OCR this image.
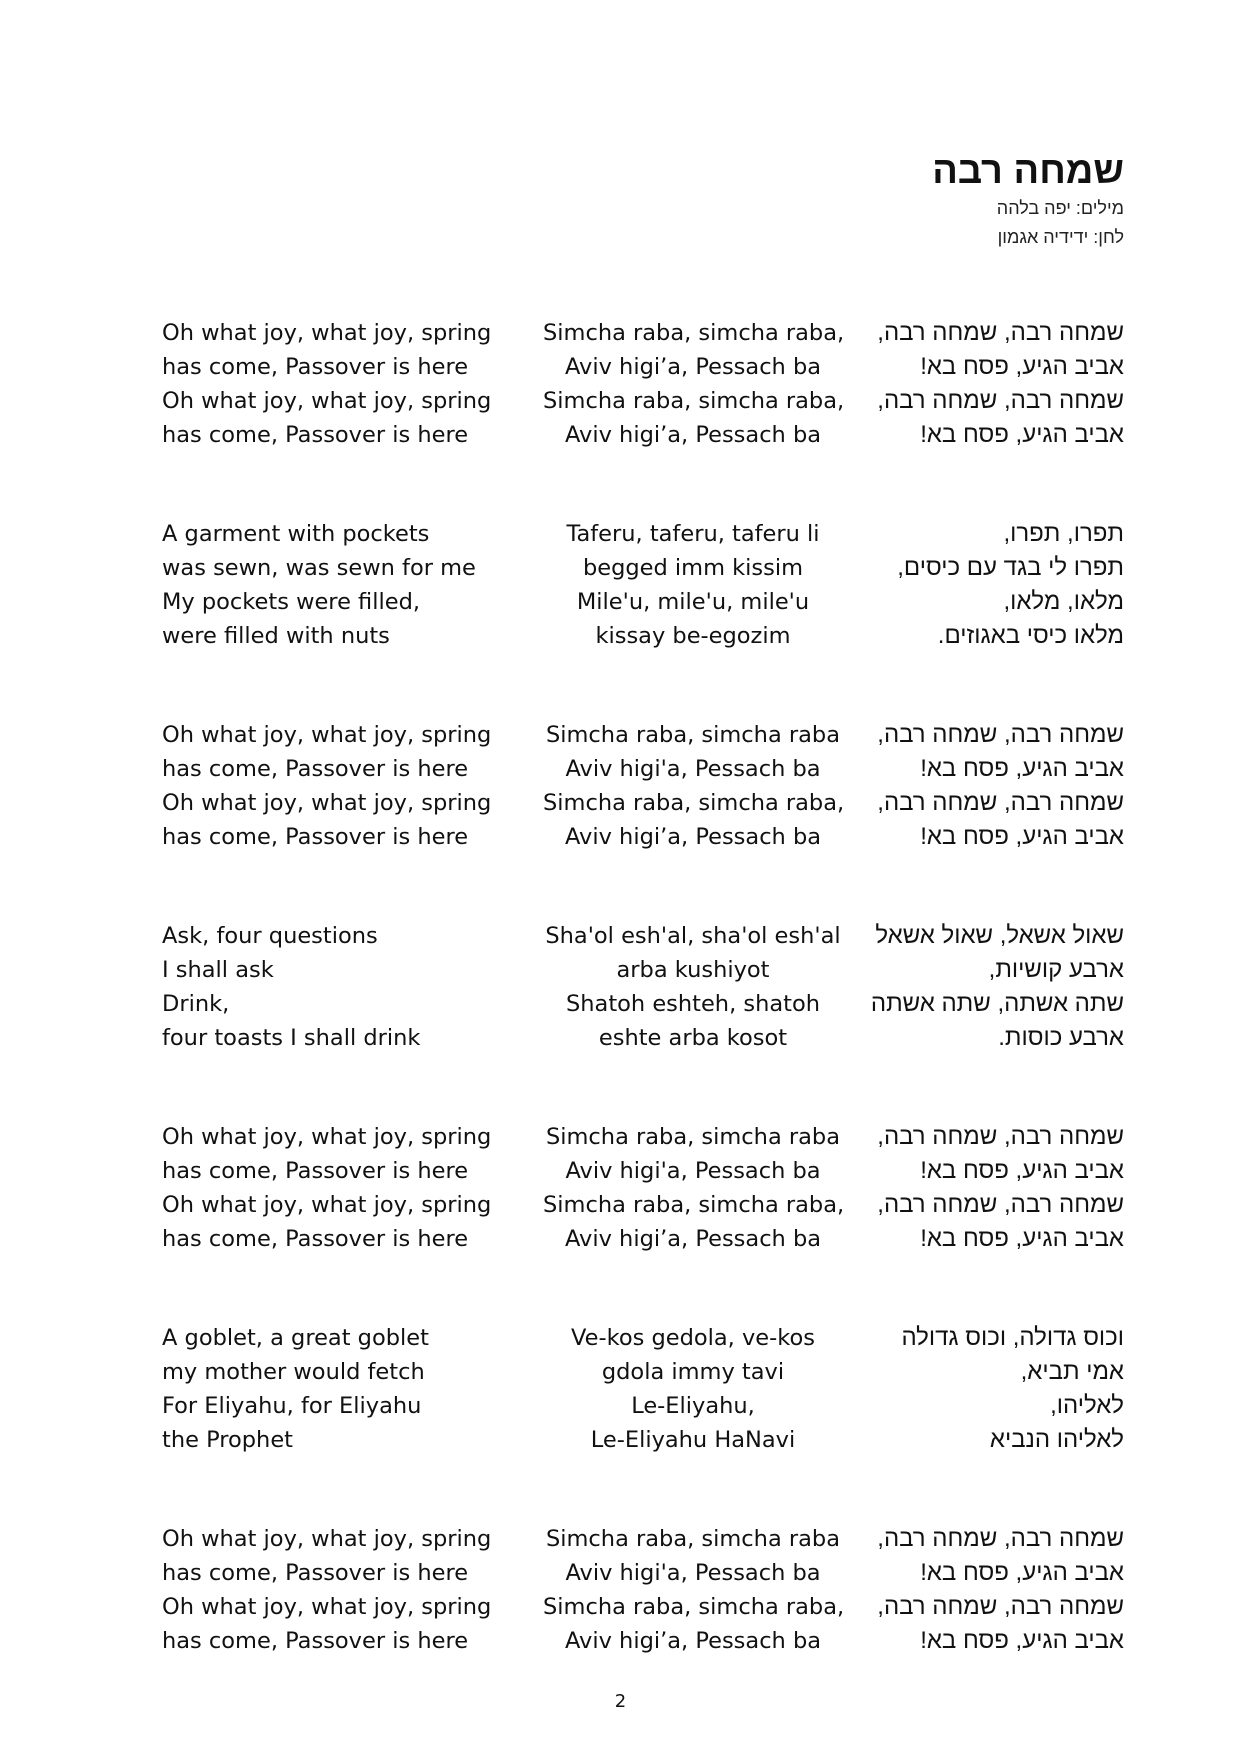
שמחה רבה
מילים: יפה בלהה
לחן: ידידיה אגמון
Oh what joy, what joy, spring
has come, Passover is here
Oh what joy, what joy, spring
has come, Passover is here
Simcha raba, simcha raba,
Aviv higi’a, Pessach ba
Simcha raba, simcha raba,
Aviv higi’a, Pessach ba
שמחה רבה, שמחה רבה,
אביב הגיע, פסח בא!
שמחה רבה, שמחה רבה,
אביב הגיע, פסח בא!
A garment with pockets
was sewn, was sewn for me
My pockets were filled,
were filled with nuts
Taferu, taferu, taferu li
begged imm kissim
Mile'u, mile'u, mile'u
kissay be-egozim
תפרו, תפרו,
תפרו לי בגד עם כיסים,
מלאו, מלאו,
מלאו כיסי באגוזים.
Oh what joy, what joy, spring
has come, Passover is here
Oh what joy, what joy, spring
has come, Passover is here
Simcha raba, simcha raba
Aviv higi'a, Pessach ba
Simcha raba, simcha raba,
Aviv higi’a, Pessach ba
שמחה רבה, שמחה רבה,
אביב הגיע, פסח בא!
שמחה רבה, שמחה רבה,
אביב הגיע, פסח בא!
Ask, four questions
I shall ask
Drink,
four toasts I shall drink
Sha'ol esh'al, sha'ol esh'al
arba kushiyot
Shatoh eshteh, shatoh
eshte arba kosot
שאול אשאל, שאול אשאל
ארבע קושיות,
שתה אשתה, שתה אשתה
ארבע כוסות.
Oh what joy, what joy, spring
has come, Passover is here
Oh what joy, what joy, spring
has come, Passover is here
Simcha raba, simcha raba
Aviv higi'a, Pessach ba
Simcha raba, simcha raba,
Aviv higi’a, Pessach ba
שמחה רבה, שמחה רבה,
אביב הגיע, פסח בא!
שמחה רבה, שמחה רבה,
אביב הגיע, פסח בא!
A goblet, a great goblet
my mother would fetch
For Eliyahu, for Eliyahu
the Prophet
Ve-kos gedola, ve-kos
gdola immy tavi
Le-Eliyahu,
Le-Eliyahu HaNavi
וכוס גדולה, וכוס גדולה
אמי תביא,
לאליהו,
לאליהו הנביא
Oh what joy, what joy, spring
has come, Passover is here
Oh what joy, what joy, spring
has come, Passover is here
Simcha raba, simcha raba
Aviv higi'a, Pessach ba
Simcha raba, simcha raba,
Aviv higi’a, Pessach ba
שמחה רבה, שמחה רבה,
אביב הגיע, פסח בא!
שמחה רבה, שמחה רבה,
אביב הגיע, פסח בא!
2
